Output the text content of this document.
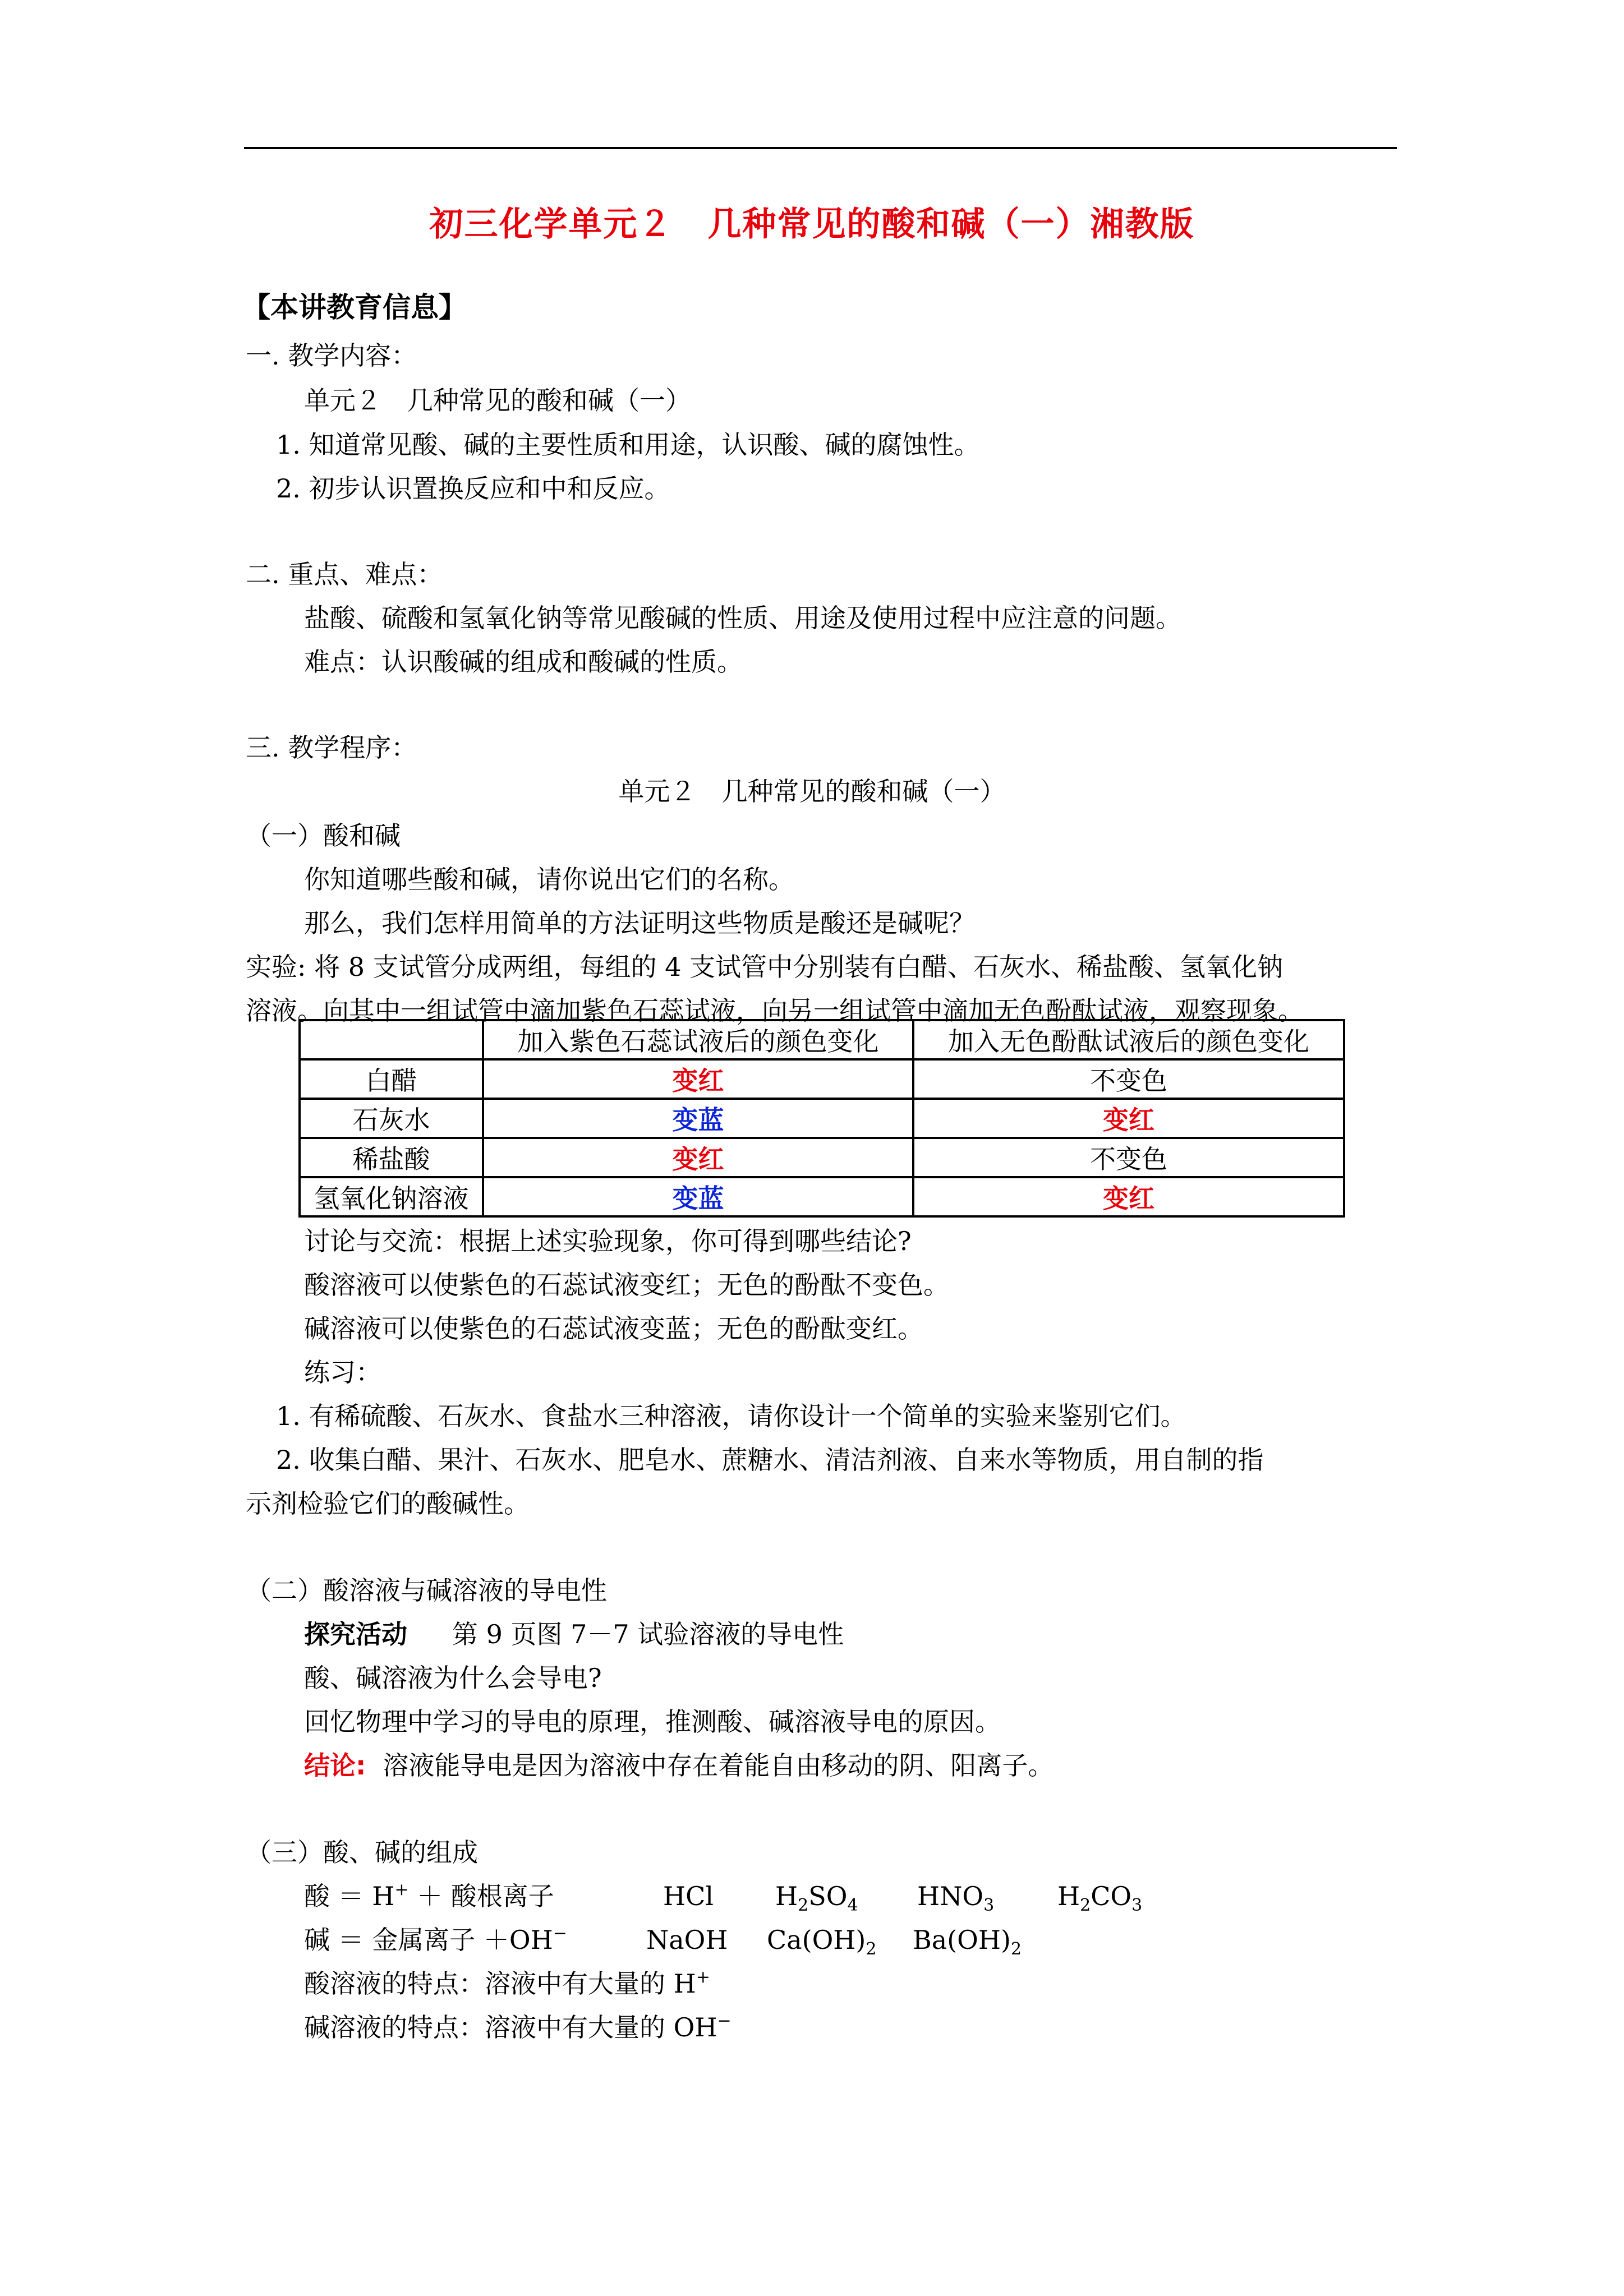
初三化学单元２　几种常见的酸和碱（一）湘教版
【本讲教育信息】
一. 教学内容：
单元２　几种常见的酸和碱（一）
1. 知道常见酸、碱的主要性质和用途，认识酸、碱的腐蚀性。
2. 初步认识置换反应和中和反应。
二. 重点、难点：
盐酸、硫酸和氢氧化钠等常见酸碱的性质、用途及使用过程中应注意的问题。
难点：认识酸碱的组成和酸碱的性质。
三. 教学程序：
单元２　几种常见的酸和碱（一）
（一）酸和碱
你知道哪些酸和碱，请你说出它们的名称。
那么，我们怎样用简单的方法证明这些物质是酸还是碱呢？
实验: 将 8 支试管分成两组，每组的 4 支试管中分别装有白醋、石灰水、稀盐酸、氢氧化钠
溶液。向其中一组试管中滴加紫色石蕊试液，向另一组试管中滴加无色酚酞试液，观察现象。
	加入紫色石蕊试液后的颜色变化	加入无色酚酞试液后的颜色变化
白醋	变红	不变色
石灰水	变蓝	变红
稀盐酸	变红	不变色
氢氧化钠溶液	变蓝	变红
讨论与交流：根据上述实验现象，你可得到哪些结论?
酸溶液可以使紫色的石蕊试液变红；无色的酚酞不变色。
碱溶液可以使紫色的石蕊试液变蓝；无色的酚酞变红。
练习：
1. 有稀硫酸、石灰水、食盐水三种溶液，请你设计一个简单的实验来鉴别它们。
2. 收集白醋、果汁、石灰水、肥皂水、蔗糖水、清洁剂液、自来水等物质，用自制的指
示剂检验它们的酸碱性。
（二）酸溶液与碱溶液的导电性
探究活动 第 9 页图 7－7 试验溶液的导电性
酸、碱溶液为什么会导电?
回忆物理中学习的导电的原理，推测酸、碱溶液导电的原因。
结论: 溶液能导电是因为溶液中存在着能自由移动的阴、阳离子。
（三）酸、碱的组成
酸 ＝ H+ ＋ 酸根离子	HCl $H_2SO_4$ $HNO_3$ $H_2CO_3$
碱 ＝ 金属离子 ＋OH−	NaOH $Ca(OH)_2$ $Ba(OH)_2$
酸溶液的特点：溶液中有大量的 H+
碱溶液的特点：溶液中有大量的 OH−
